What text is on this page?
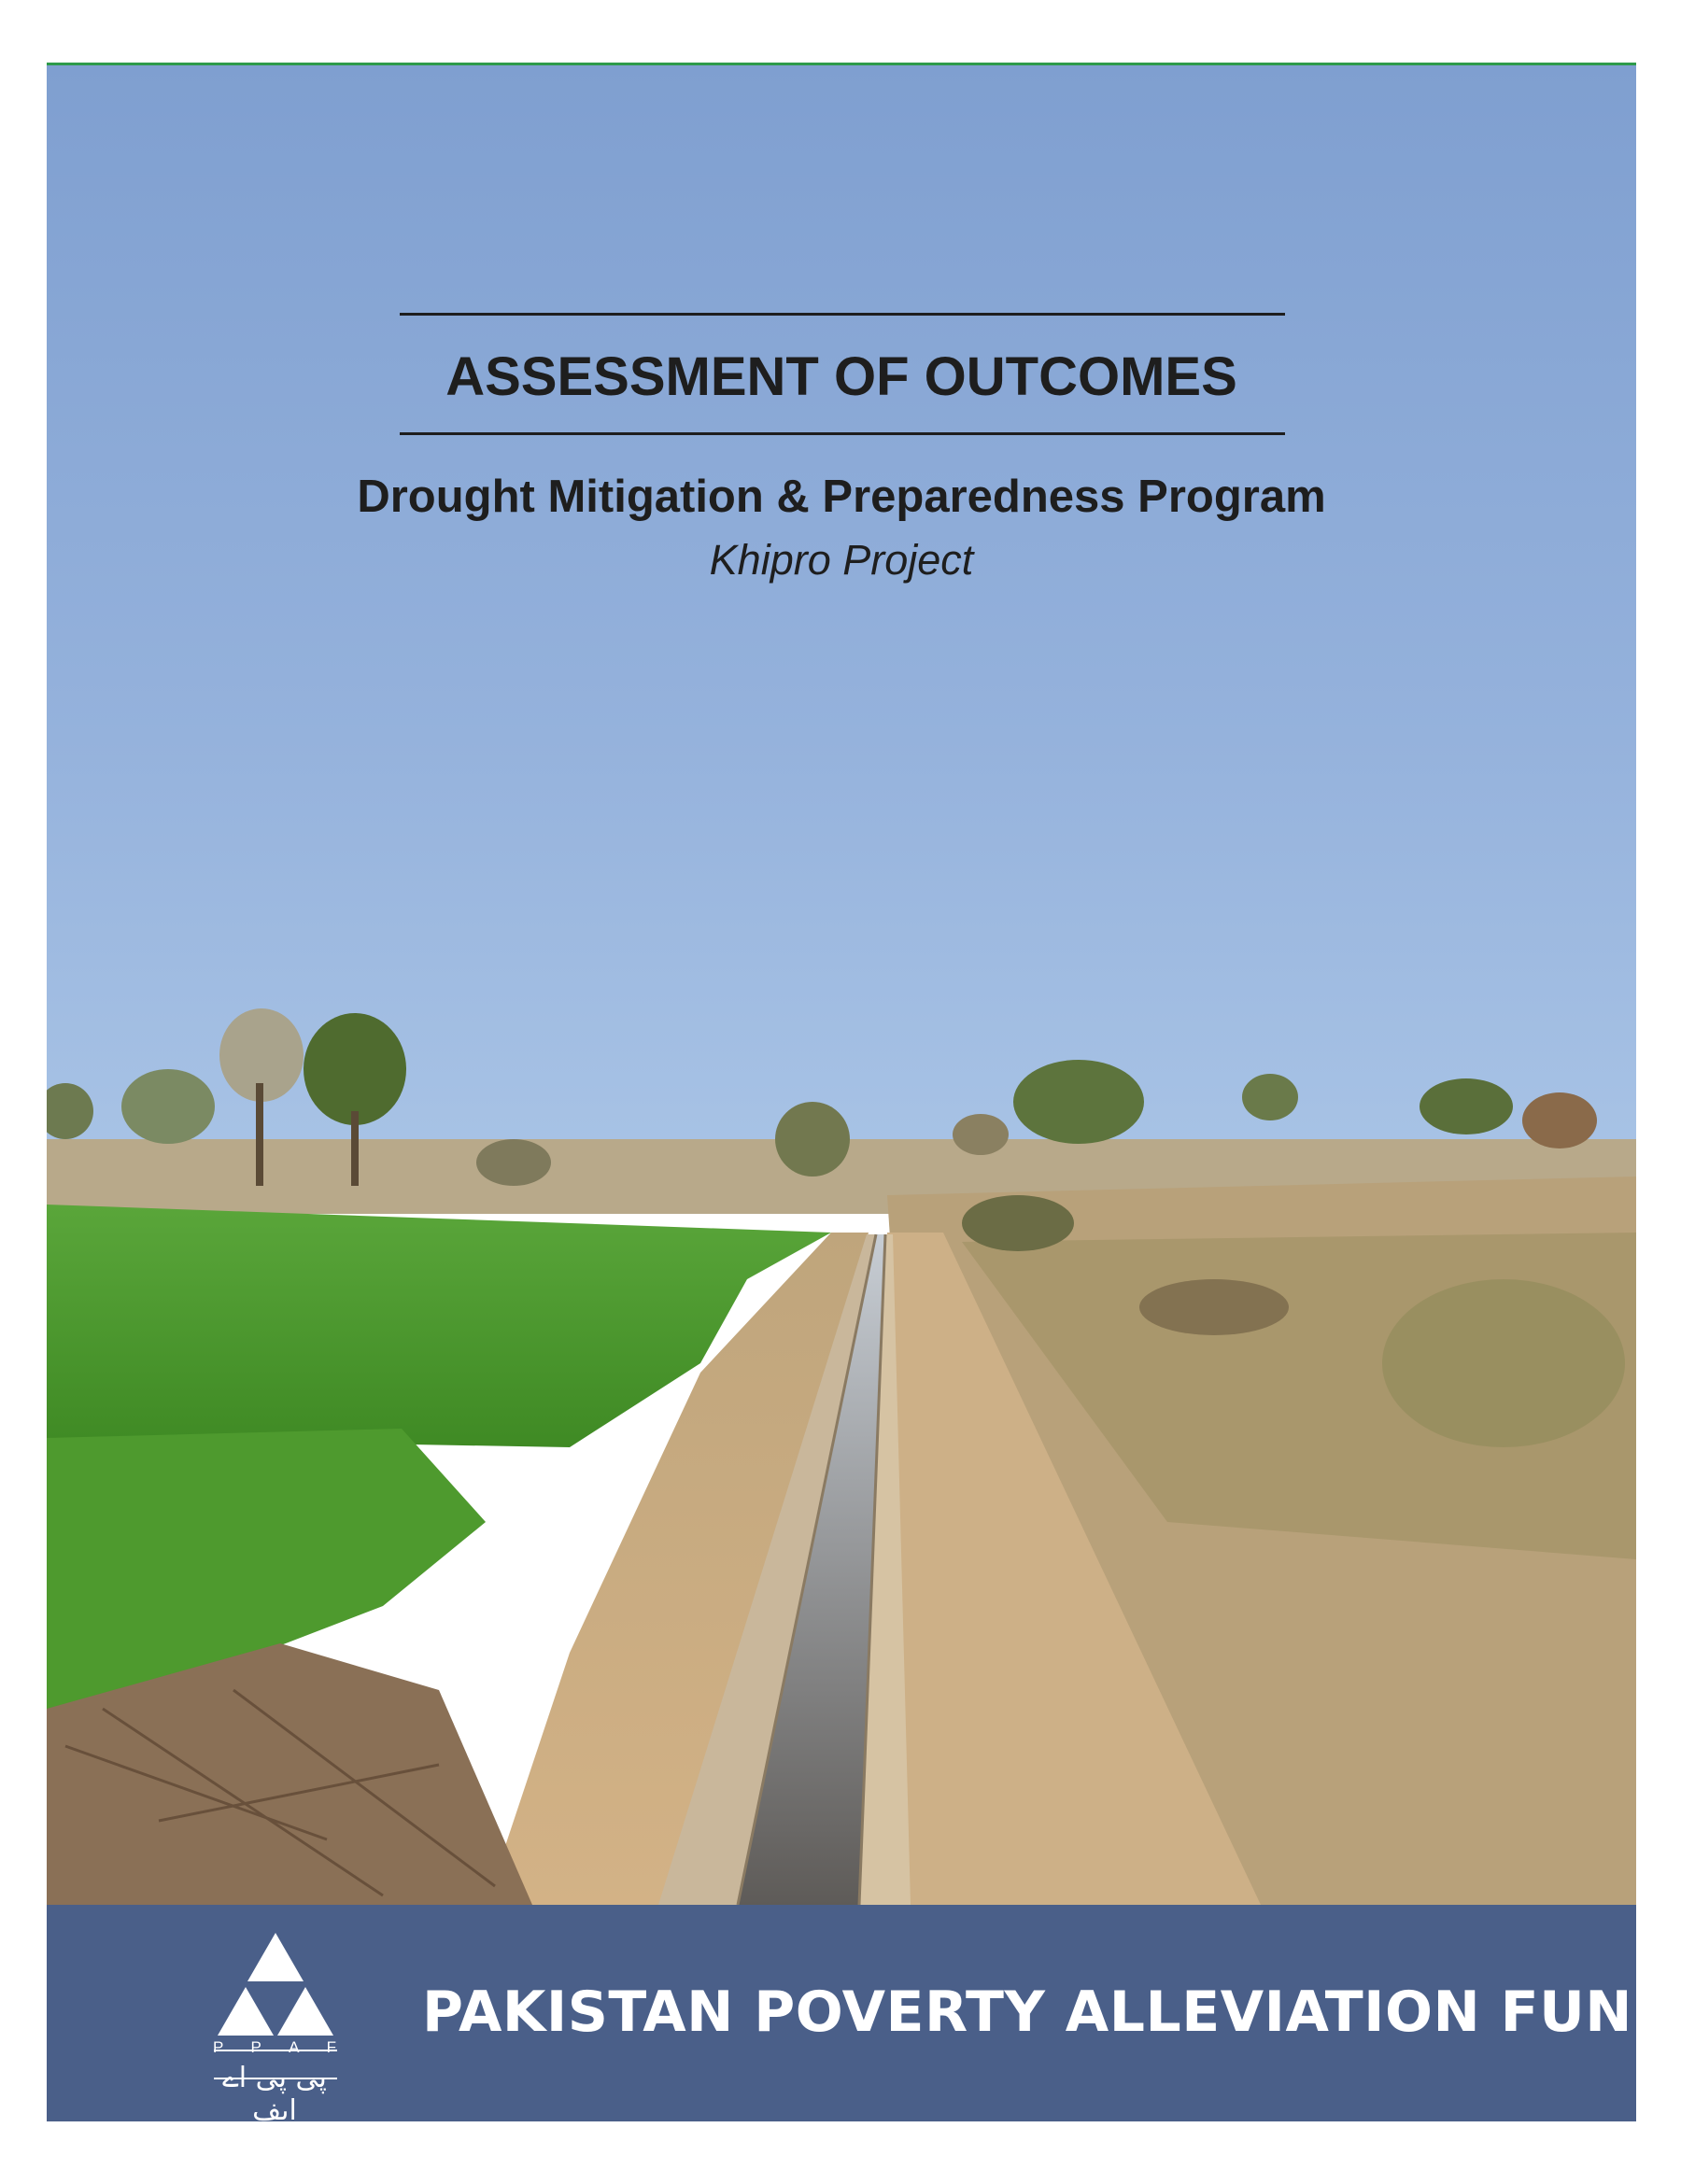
ASSESSMENT OF OUTCOMES
Drought Mitigation & Preparedness Program
Khipro Project
P P A F
پی پی اے ایف
PAKISTAN POVERTY ALLEVIATION FUND
